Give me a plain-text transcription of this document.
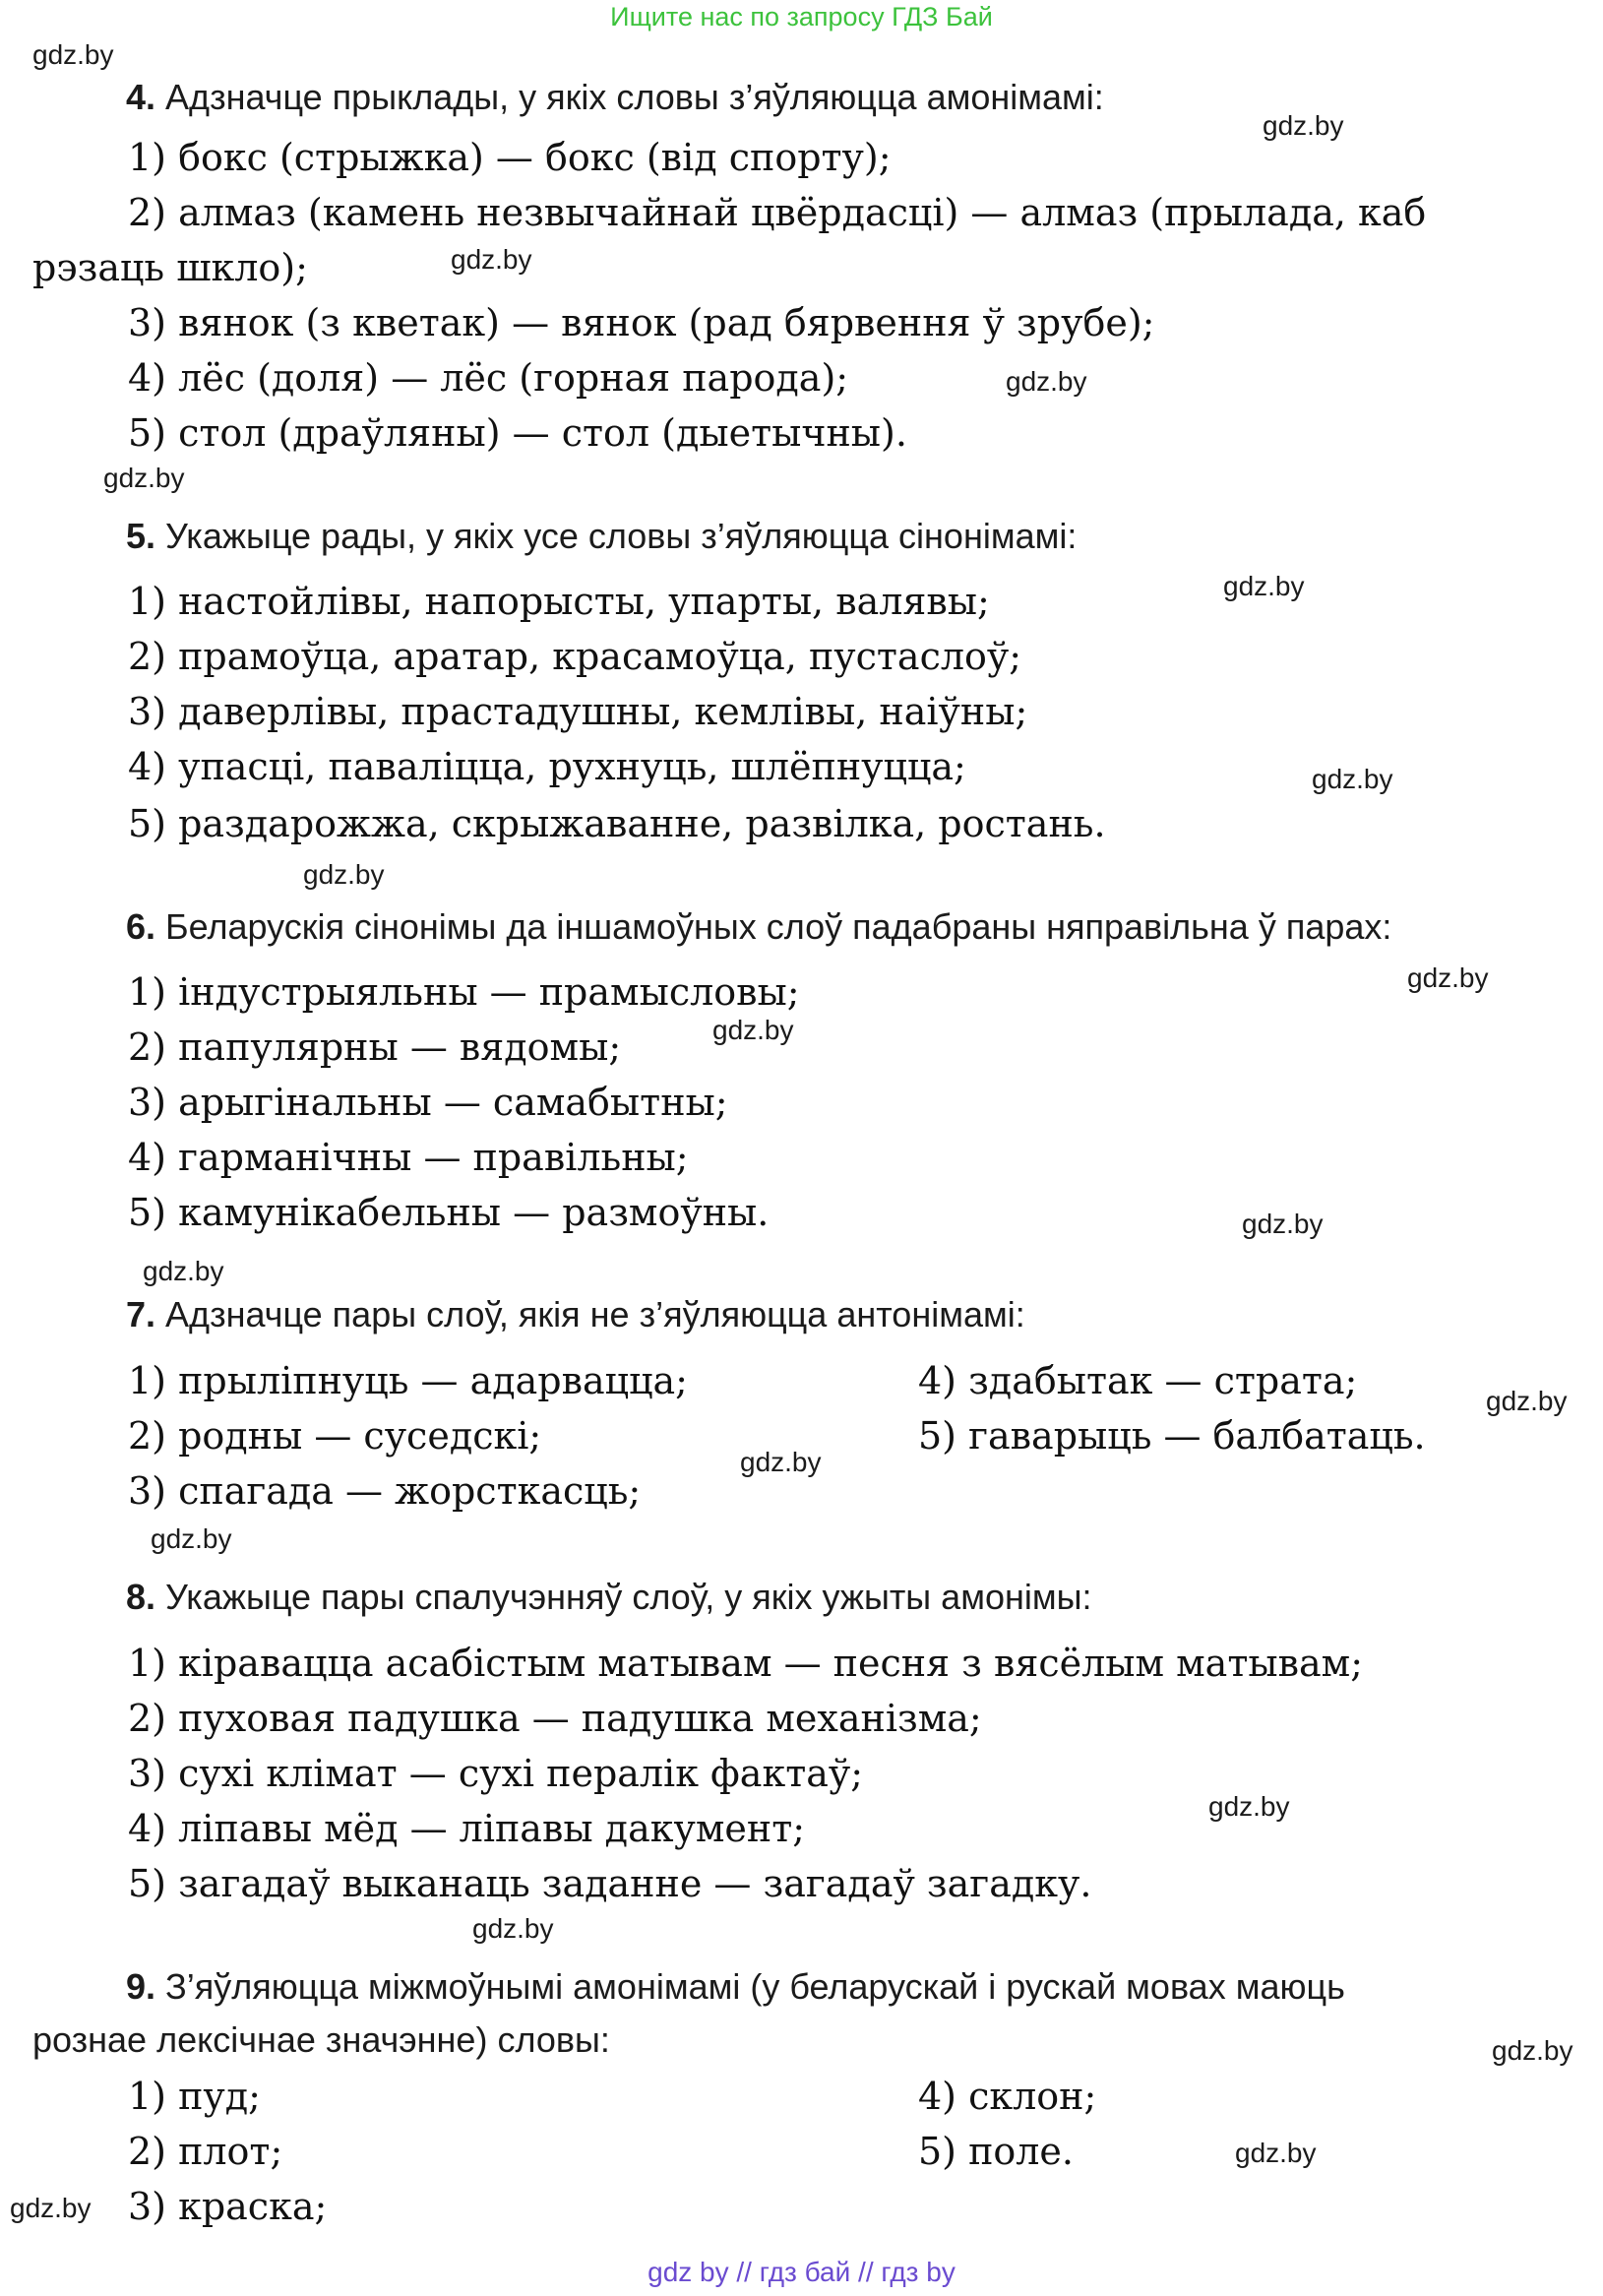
Ищите нас по запросу ГДЗ Бай
gdz.by
gdz.by
gdz.by
gdz.by
gdz.by
gdz.by
gdz.by
gdz.by
gdz.by
gdz.by
gdz.by
gdz.by
gdz.by
gdz.by
gdz.by
gdz.by
gdz.by
gdz.by
gdz.by
gdz.by
4. Адзначце прыклады, у якіх словы з’яўляюцца амонімамі:
1) бокс (стрыжка) — бокс (від спорту);
2) алмаз (камень незвычайнай цвёрдасці) — алмаз (прылада, каб
рэзаць шкло);
3) вянок (з кветак) — вянок (рад бярвення ў зрубе);
4) лёс (доля) — лёс (горная парода);
5) стол (драўляны) — стол (дыетычны).
5. Укажыце рады, у якіх усе словы з’яўляюцца сінонімамі:
1) настойлівы, напорысты, упарты, валявы;
2) прамоўца, аратар, красамоўца, пустаслоў;
3) даверлівы, прастадушны, кемлівы, наіўны;
4) упасці, паваліцца, рухнуць, шлёпнуцца;
5) раздарожжа, скрыжаванне, развілка, ростань.
6. Беларускія сінонімы да іншамоўных слоў падабраны няправільна ў парах:
1) індустрыяльны — прамысловы;
2) папулярны — вядомы;
3) арыгінальны — самабытны;
4) гарманічны — правільны;
5) камунікабельны — размоўны.
7. Адзначце пары слоў, якія не з’яўляюцца антонімамі:
1) прыліпнуць — адарвацца;
2) родны — суседскі;
3) спагада — жорсткасць;
4) здабытак — страта;
5) гаварыць — балбатаць.
8. Укажыце пары спалучэнняў слоў, у якіх ужыты амонімы:
1) кіравацца асабістым матывам — песня з вясёлым матывам;
2) пуховая падушка — падушка механізма;
3) сухі клімат — сухі пералік фактаў;
4) ліпавы мёд — ліпавы дакумент;
5) загадаў выканаць заданне — загадаў загадку.
9. З’яўляюцца міжмоўнымі амонімамі (у беларускай і рускай мовах маюць
рознае лексічнае значэнне) словы:
1) пуд;
2) плот;
3) краска;
4) склон;
5) поле.
gdz by // гдз бай // гдз by
